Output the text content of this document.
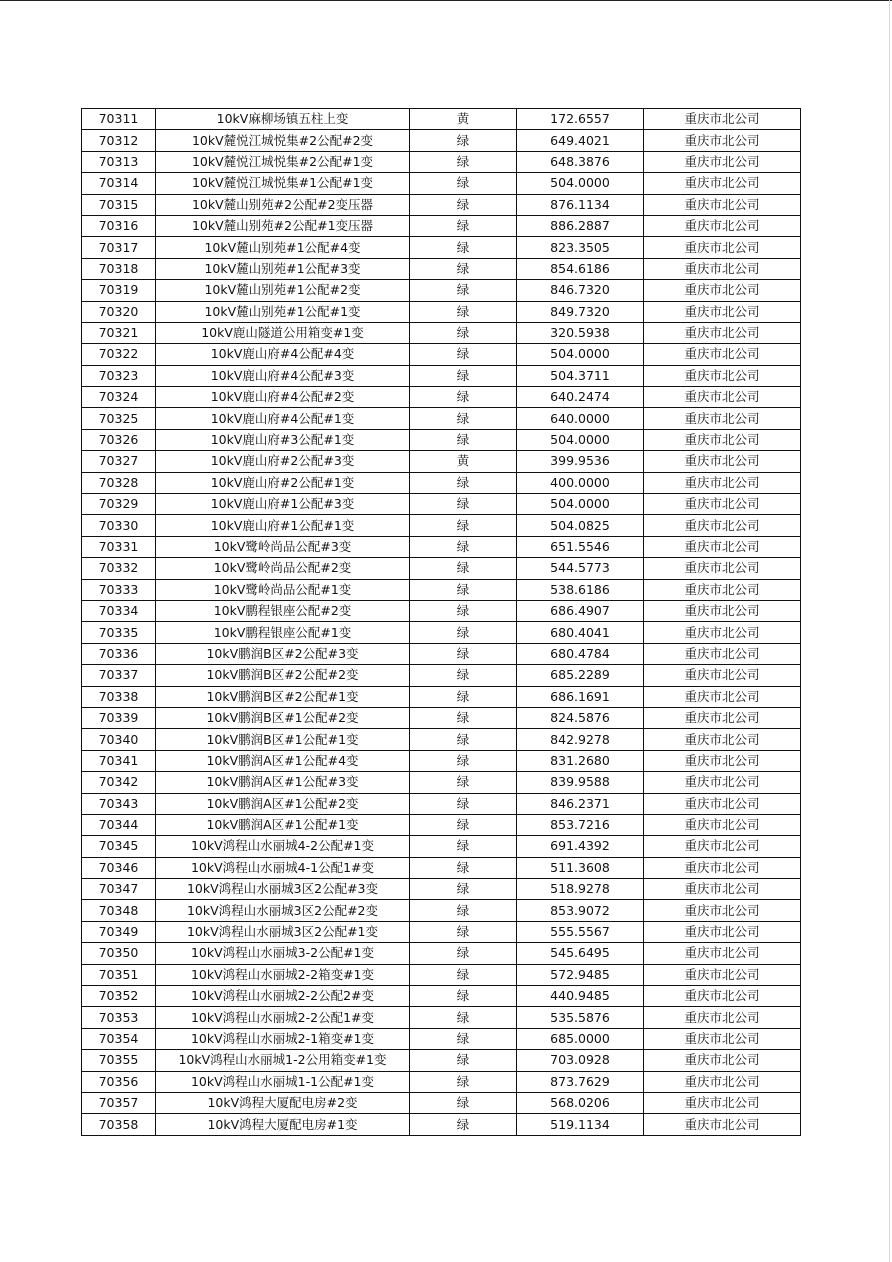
70311	10kV麻柳场镇五柱上变	黄	172.6557	重庆市北公司
70312	10kV麓悦江城悦集#2公配#2变	绿	649.4021	重庆市北公司
70313	10kV麓悦江城悦集#2公配#1变	绿	648.3876	重庆市北公司
70314	10kV麓悦江城悦集#1公配#1变	绿	504.0000	重庆市北公司
70315	10kV麓山别苑#2公配#2变压器	绿	876.1134	重庆市北公司
70316	10kV麓山别苑#2公配#1变压器	绿	886.2887	重庆市北公司
70317	10kV麓山别苑#1公配#4变	绿	823.3505	重庆市北公司
70318	10kV麓山别苑#1公配#3变	绿	854.6186	重庆市北公司
70319	10kV麓山别苑#1公配#2变	绿	846.7320	重庆市北公司
70320	10kV麓山别苑#1公配#1变	绿	849.7320	重庆市北公司
70321	10kV鹿山隧道公用箱变#1变	绿	320.5938	重庆市北公司
70322	10kV鹿山府#4公配#4变	绿	504.0000	重庆市北公司
70323	10kV鹿山府#4公配#3变	绿	504.3711	重庆市北公司
70324	10kV鹿山府#4公配#2变	绿	640.2474	重庆市北公司
70325	10kV鹿山府#4公配#1变	绿	640.0000	重庆市北公司
70326	10kV鹿山府#3公配#1变	绿	504.0000	重庆市北公司
70327	10kV鹿山府#2公配#3变	黄	399.9536	重庆市北公司
70328	10kV鹿山府#2公配#1变	绿	400.0000	重庆市北公司
70329	10kV鹿山府#1公配#3变	绿	504.0000	重庆市北公司
70330	10kV鹿山府#1公配#1变	绿	504.0825	重庆市北公司
70331	10kV鹭岭尚品公配#3变	绿	651.5546	重庆市北公司
70332	10kV鹭岭尚品公配#2变	绿	544.5773	重庆市北公司
70333	10kV鹭岭尚品公配#1变	绿	538.6186	重庆市北公司
70334	10kV鹏程银座公配#2变	绿	686.4907	重庆市北公司
70335	10kV鹏程银座公配#1变	绿	680.4041	重庆市北公司
70336	10kV鹏润B区#2公配#3变	绿	680.4784	重庆市北公司
70337	10kV鹏润B区#2公配#2变	绿	685.2289	重庆市北公司
70338	10kV鹏润B区#2公配#1变	绿	686.1691	重庆市北公司
70339	10kV鹏润B区#1公配#2变	绿	824.5876	重庆市北公司
70340	10kV鹏润B区#1公配#1变	绿	842.9278	重庆市北公司
70341	10kV鹏润A区#1公配#4变	绿	831.2680	重庆市北公司
70342	10kV鹏润A区#1公配#3变	绿	839.9588	重庆市北公司
70343	10kV鹏润A区#1公配#2变	绿	846.2371	重庆市北公司
70344	10kV鹏润A区#1公配#1变	绿	853.7216	重庆市北公司
70345	10kV鸿程山水丽城4-2公配#1变	绿	691.4392	重庆市北公司
70346	10kV鸿程山水丽城4-1公配1#变	绿	511.3608	重庆市北公司
70347	10kV鸿程山水丽城3区2公配#3变	绿	518.9278	重庆市北公司
70348	10kV鸿程山水丽城3区2公配#2变	绿	853.9072	重庆市北公司
70349	10kV鸿程山水丽城3区2公配#1变	绿	555.5567	重庆市北公司
70350	10kV鸿程山水丽城3-2公配#1变	绿	545.6495	重庆市北公司
70351	10kV鸿程山水丽城2-2箱变#1变	绿	572.9485	重庆市北公司
70352	10kV鸿程山水丽城2-2公配2#变	绿	440.9485	重庆市北公司
70353	10kV鸿程山水丽城2-2公配1#变	绿	535.5876	重庆市北公司
70354	10kV鸿程山水丽城2-1箱变#1变	绿	685.0000	重庆市北公司
70355	10kV鸿程山水丽城1-2公用箱变#1变	绿	703.0928	重庆市北公司
70356	10kV鸿程山水丽城1-1公配#1变	绿	873.7629	重庆市北公司
70357	10kV鸿程大厦配电房#2变	绿	568.0206	重庆市北公司
70358	10kV鸿程大厦配电房#1变	绿	519.1134	重庆市北公司
